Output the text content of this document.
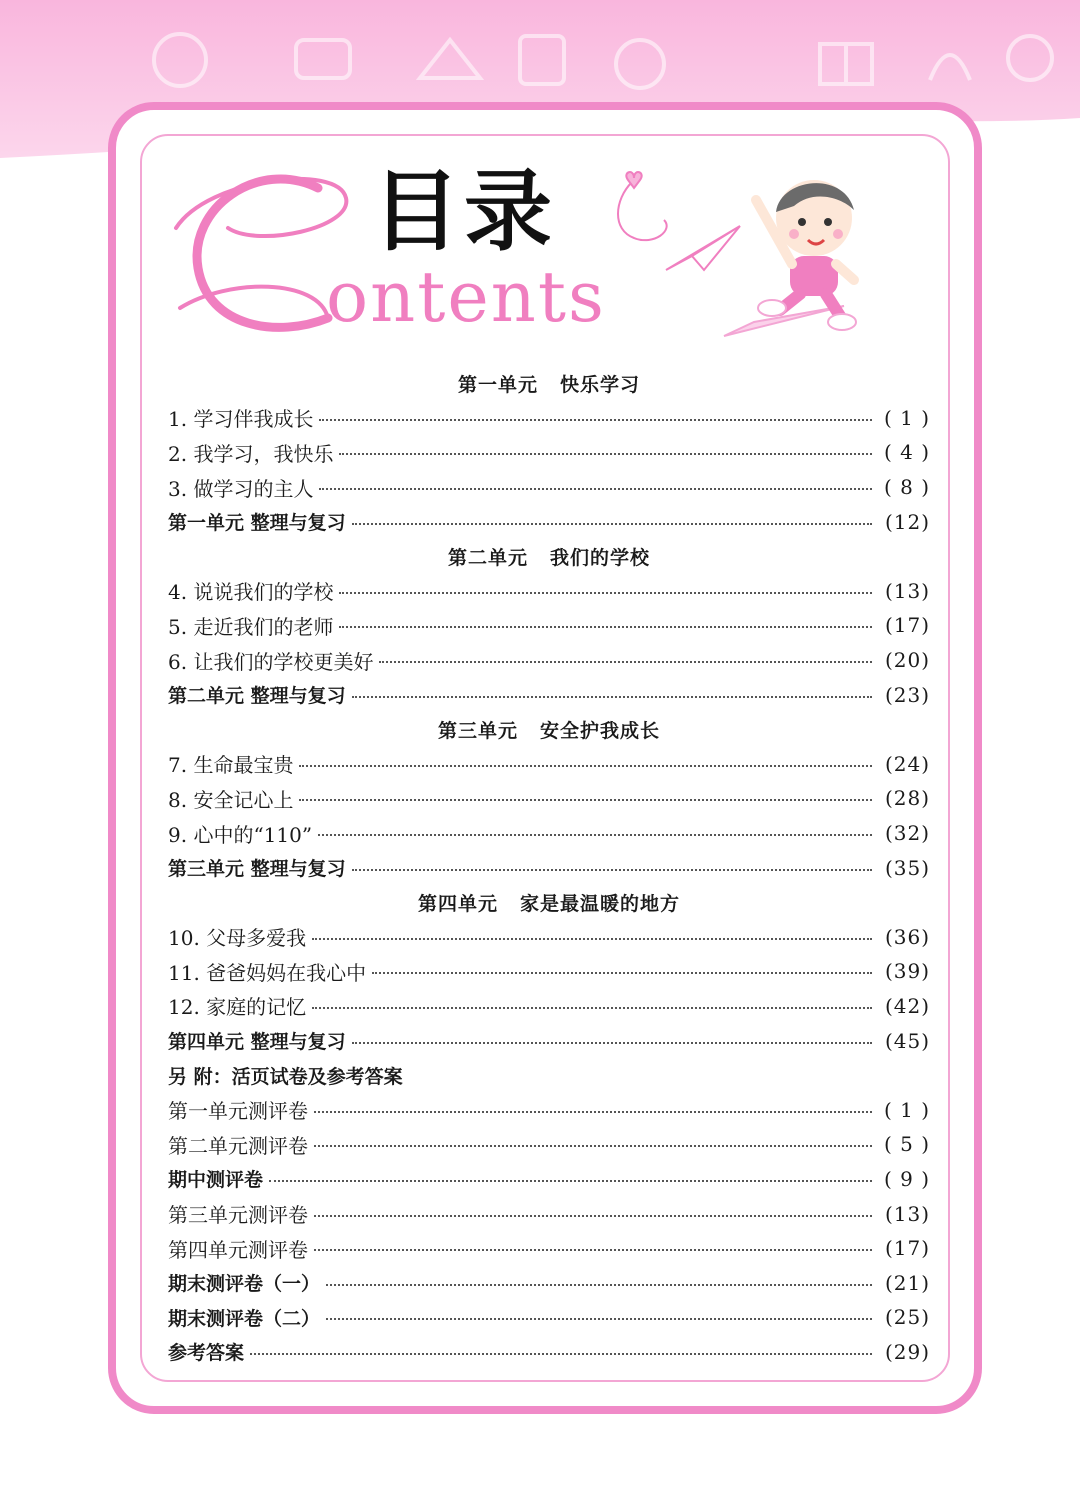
目录
ontents
第一单元 快乐学习
1. 学习伴我成长	( 1 )
2. 我学习，我快乐	( 4 )
3. 做学习的主人	( 8 )
第一单元 整理与复习	(12)
第二单元 我们的学校
4. 说说我们的学校	(13)
5. 走近我们的老师	(17)
6. 让我们的学校更美好	(20)
第二单元 整理与复习	(23)
第三单元 安全护我成长
7. 生命最宝贵	(24)
8. 安全记心上	(28)
9. 心中的“110”	(32)
第三单元 整理与复习	(35)
第四单元 家是最温暖的地方
10. 父母多爱我	(36)
11. 爸爸妈妈在我心中	(39)
12. 家庭的记忆	(42)
第四单元 整理与复习	(45)
另 附：活页试卷及参考答案
第一单元测评卷	( 1 )
第二单元测评卷	( 5 )
期中测评卷	( 9 )
第三单元测评卷	(13)
第四单元测评卷	(17)
期末测评卷（一）	(21)
期末测评卷（二）	(25)
参考答案	(29)
